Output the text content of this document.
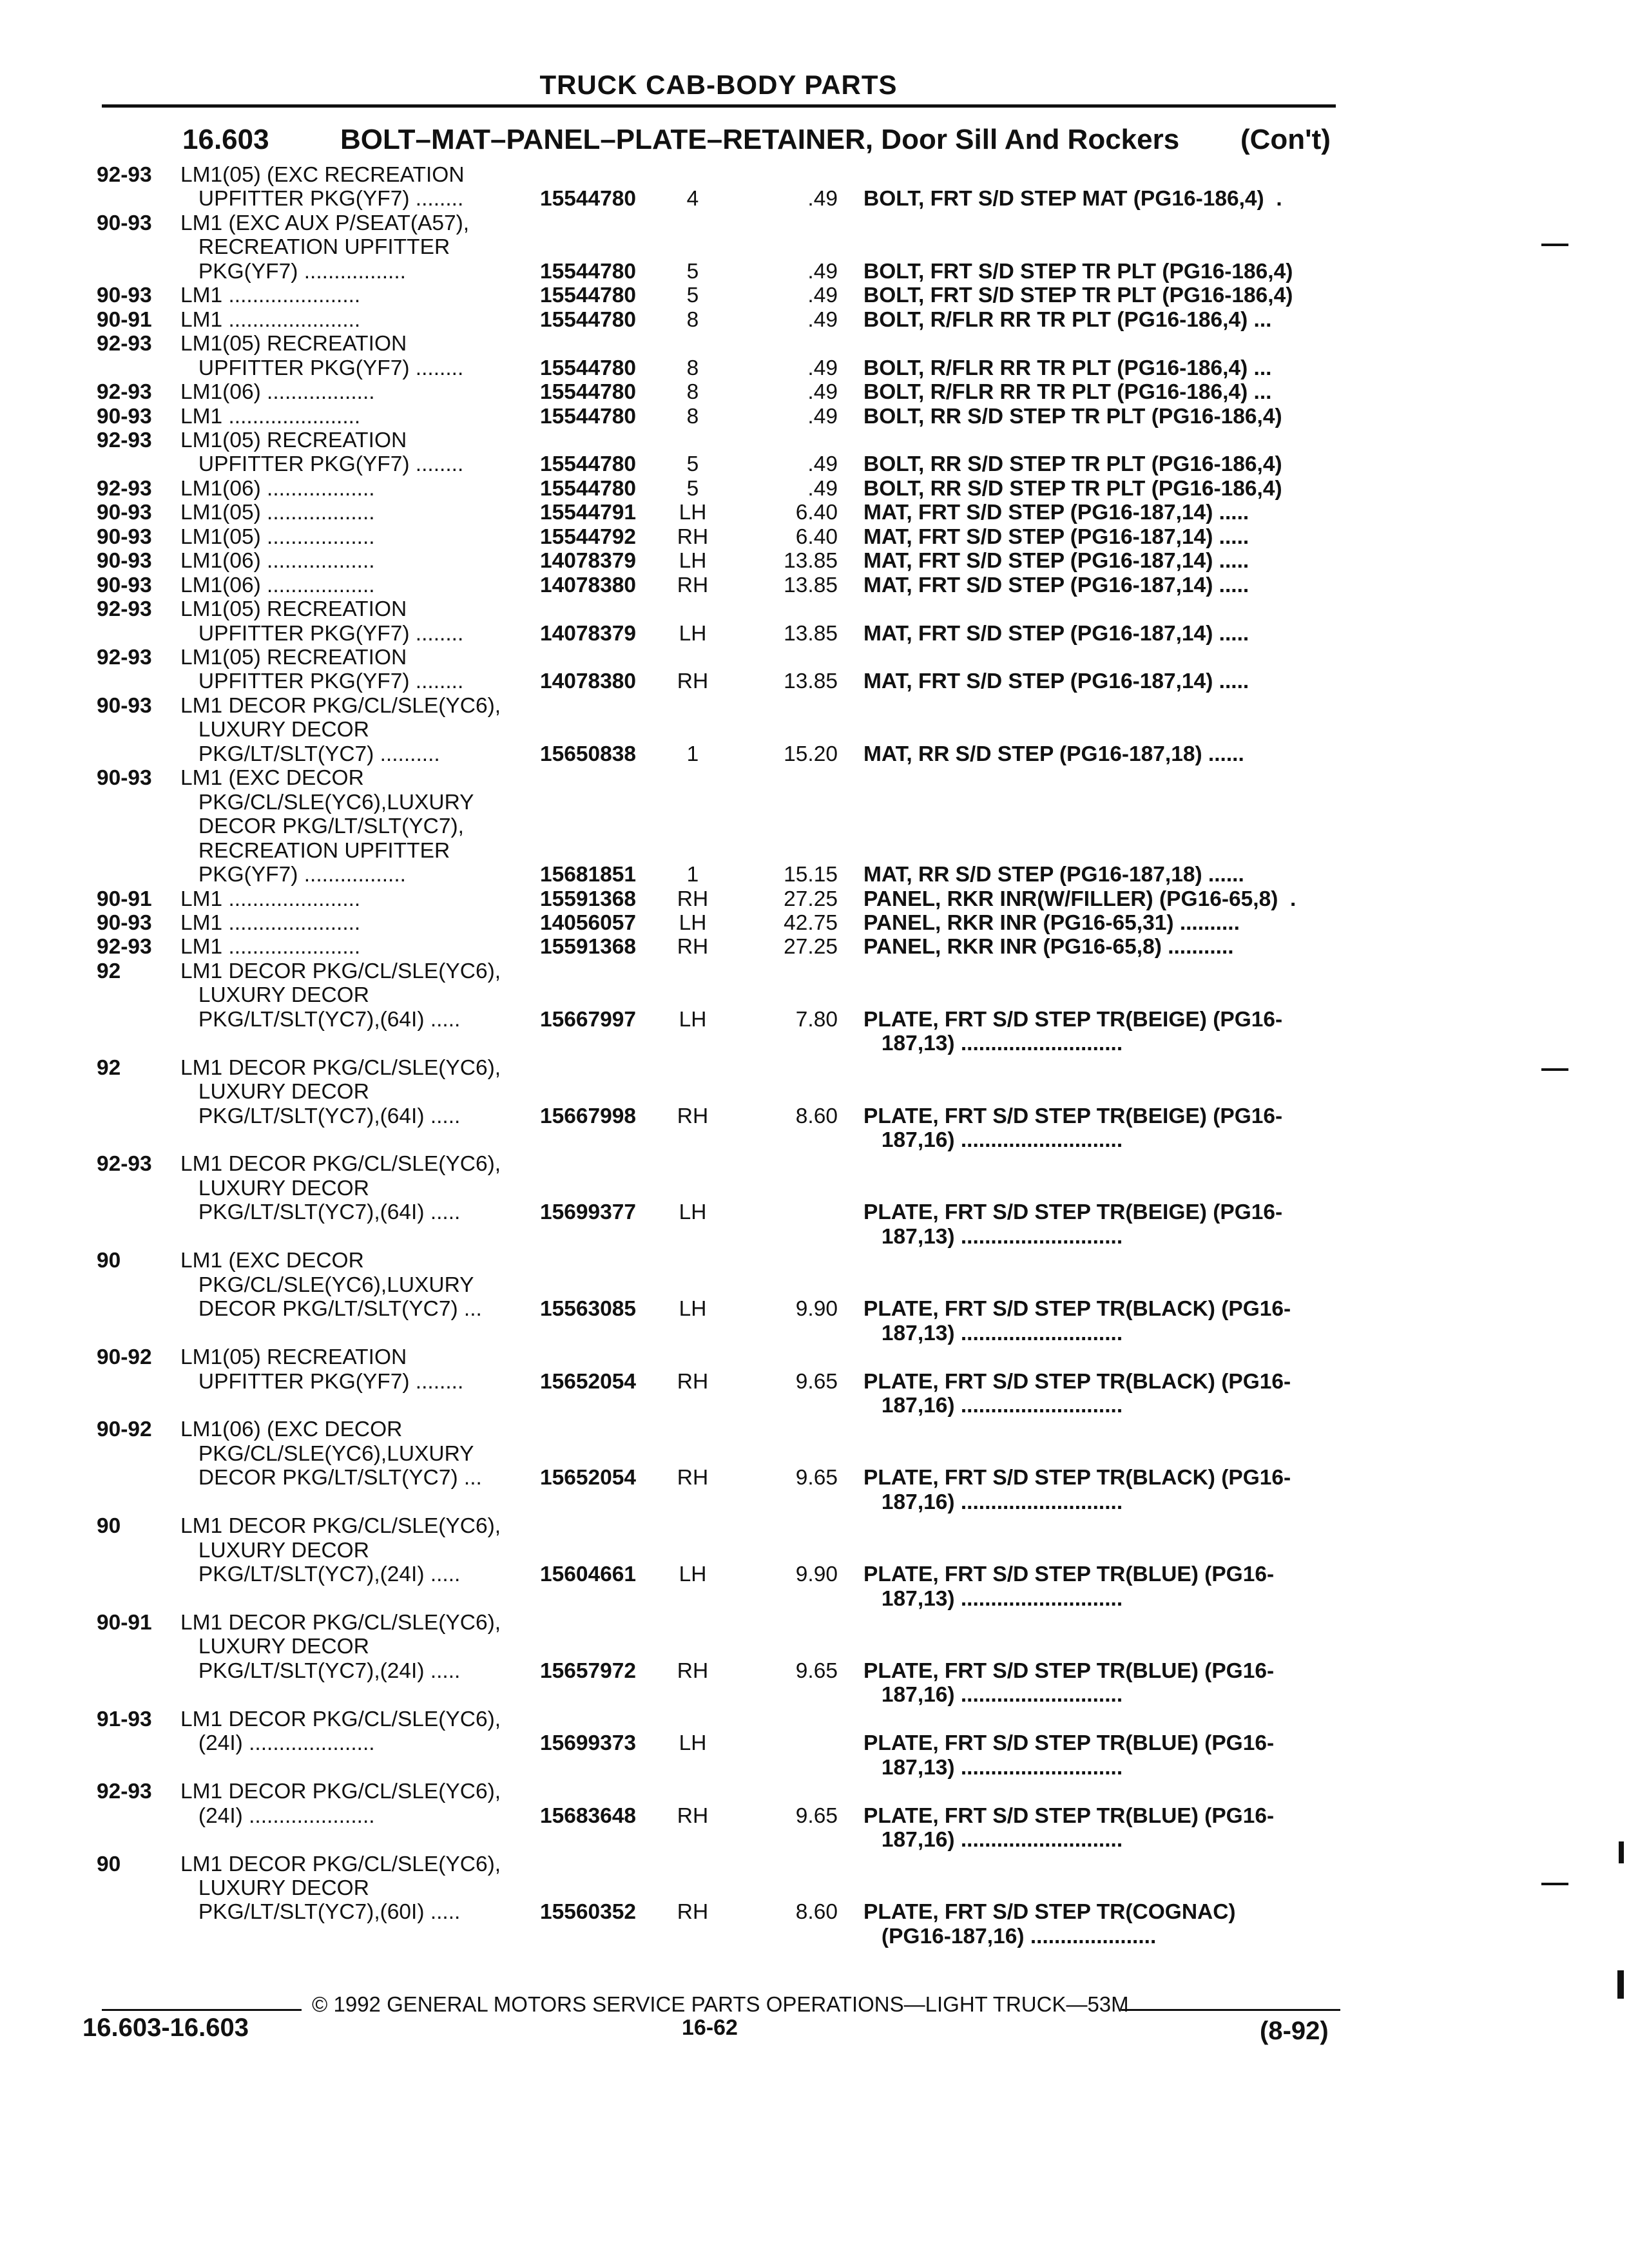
TRUCK CAB-BODY PARTS
16.603	BOLT–MAT–PANEL–PLATE–RETAINER, Door Sill And Rockers (Con't)
92-93 LM1(05) (EXC RECREATION
UPFITTER PKG(YF7) ........	15544780	4	.49 BOLT, FRT S/D STEP MAT (PG16-186,4)  .
90-93 LM1 (EXC AUX P/SEAT(A57),
RECREATION UPFITTER
PKG(YF7) .................	15544780	5	.49 BOLT, FRT S/D STEP TR PLT (PG16-186,4)
90-93 LM1 ......................	15544780	5	.49 BOLT, FRT S/D STEP TR PLT (PG16-186,4)
90-91 LM1 ......................	15544780	8	.49 BOLT, R/FLR RR TR PLT (PG16-186,4) ...
92-93 LM1(05) RECREATION
UPFITTER PKG(YF7) ........	15544780	8	.49 BOLT, R/FLR RR TR PLT (PG16-186,4) ...
92-93 LM1(06) ..................	15544780	8	.49 BOLT, R/FLR RR TR PLT (PG16-186,4) ...
90-93 LM1 ......................	15544780	8	.49 BOLT, RR S/D STEP TR PLT (PG16-186,4)
92-93 LM1(05) RECREATION
UPFITTER PKG(YF7) ........	15544780	5	.49 BOLT, RR S/D STEP TR PLT (PG16-186,4)
92-93 LM1(06) ..................	15544780	5	.49 BOLT, RR S/D STEP TR PLT (PG16-186,4)
90-93 LM1(05) ..................	15544791	LH	6.40 MAT, FRT S/D STEP (PG16-187,14) .....
90-93 LM1(05) ..................	15544792	RH	6.40 MAT, FRT S/D STEP (PG16-187,14) .....
90-93 LM1(06) ..................	14078379	LH	13.85 MAT, FRT S/D STEP (PG16-187,14) .....
90-93 LM1(06) ..................	14078380	RH	13.85 MAT, FRT S/D STEP (PG16-187,14) .....
92-93 LM1(05) RECREATION
UPFITTER PKG(YF7) ........	14078379	LH	13.85 MAT, FRT S/D STEP (PG16-187,14) .....
92-93 LM1(05) RECREATION
UPFITTER PKG(YF7) ........	14078380	RH	13.85 MAT, FRT S/D STEP (PG16-187,14) .....
90-93 LM1 DECOR PKG/CL/SLE(YC6),
LUXURY DECOR
PKG/LT/SLT(YC7) ..........	15650838	1	15.20 MAT, RR S/D STEP (PG16-187,18) ......
90-93 LM1 (EXC DECOR
PKG/CL/SLE(YC6),LUXURY
DECOR PKG/LT/SLT(YC7),
RECREATION UPFITTER
PKG(YF7) .................	15681851	1	15.15 MAT, RR S/D STEP (PG16-187,18) ......
90-91 LM1 ......................	15591368	RH	27.25 PANEL, RKR INR(W/FILLER) (PG16-65,8)  .
90-93 LM1 ......................	14056057	LH	42.75 PANEL, RKR INR (PG16-65,31) ..........
92-93 LM1 ......................	15591368	RH	27.25 PANEL, RKR INR (PG16-65,8) ...........
92	LM1 DECOR PKG/CL/SLE(YC6),
LUXURY DECOR
PKG/LT/SLT(YC7),(64I) .....	15667997	LH	7.80 PLATE, FRT S/D STEP TR(BEIGE) (PG16-
187,13) ...........................
92	LM1 DECOR PKG/CL/SLE(YC6),
LUXURY DECOR
PKG/LT/SLT(YC7),(64I) .....	15667998	RH	8.60 PLATE, FRT S/D STEP TR(BEIGE) (PG16-
187,16) ...........................
92-93 LM1 DECOR PKG/CL/SLE(YC6),
LUXURY DECOR
PKG/LT/SLT(YC7),(64I) .....	15699377	LH	PLATE, FRT S/D STEP TR(BEIGE) (PG16-
187,13) ...........................
90	LM1 (EXC DECOR
PKG/CL/SLE(YC6),LUXURY
DECOR PKG/LT/SLT(YC7) ...	15563085	LH	9.90 PLATE, FRT S/D STEP TR(BLACK) (PG16-
187,13) ...........................
90-92 LM1(05) RECREATION
UPFITTER PKG(YF7) ........	15652054	RH	9.65 PLATE, FRT S/D STEP TR(BLACK) (PG16-
187,16) ...........................
90-92 LM1(06) (EXC DECOR
PKG/CL/SLE(YC6),LUXURY
DECOR PKG/LT/SLT(YC7) ...	15652054	RH	9.65 PLATE, FRT S/D STEP TR(BLACK) (PG16-
187,16) ...........................
90	LM1 DECOR PKG/CL/SLE(YC6),
LUXURY DECOR
PKG/LT/SLT(YC7),(24I) .....	15604661	LH	9.90 PLATE, FRT S/D STEP TR(BLUE) (PG16-
187,13) ...........................
90-91 LM1 DECOR PKG/CL/SLE(YC6),
LUXURY DECOR
PKG/LT/SLT(YC7),(24I) .....	15657972	RH	9.65 PLATE, FRT S/D STEP TR(BLUE) (PG16-
187,16) ...........................
91-93 LM1 DECOR PKG/CL/SLE(YC6),
(24I) .....................	15699373	LH	PLATE, FRT S/D STEP TR(BLUE) (PG16-
187,13) ...........................
92-93 LM1 DECOR PKG/CL/SLE(YC6),
(24I) .....................	15683648	RH	9.65 PLATE, FRT S/D STEP TR(BLUE) (PG16-
187,16) ...........................
90	LM1 DECOR PKG/CL/SLE(YC6),
LUXURY DECOR
PKG/LT/SLT(YC7),(60I) .....	15560352	RH	8.60 PLATE, FRT S/D STEP TR(COGNAC)
(PG16-187,16) .....................
© 1992 GENERAL MOTORS SERVICE PARTS OPERATIONS—LIGHT TRUCK—53M
16.603-16.603	16-62	(8-92)
